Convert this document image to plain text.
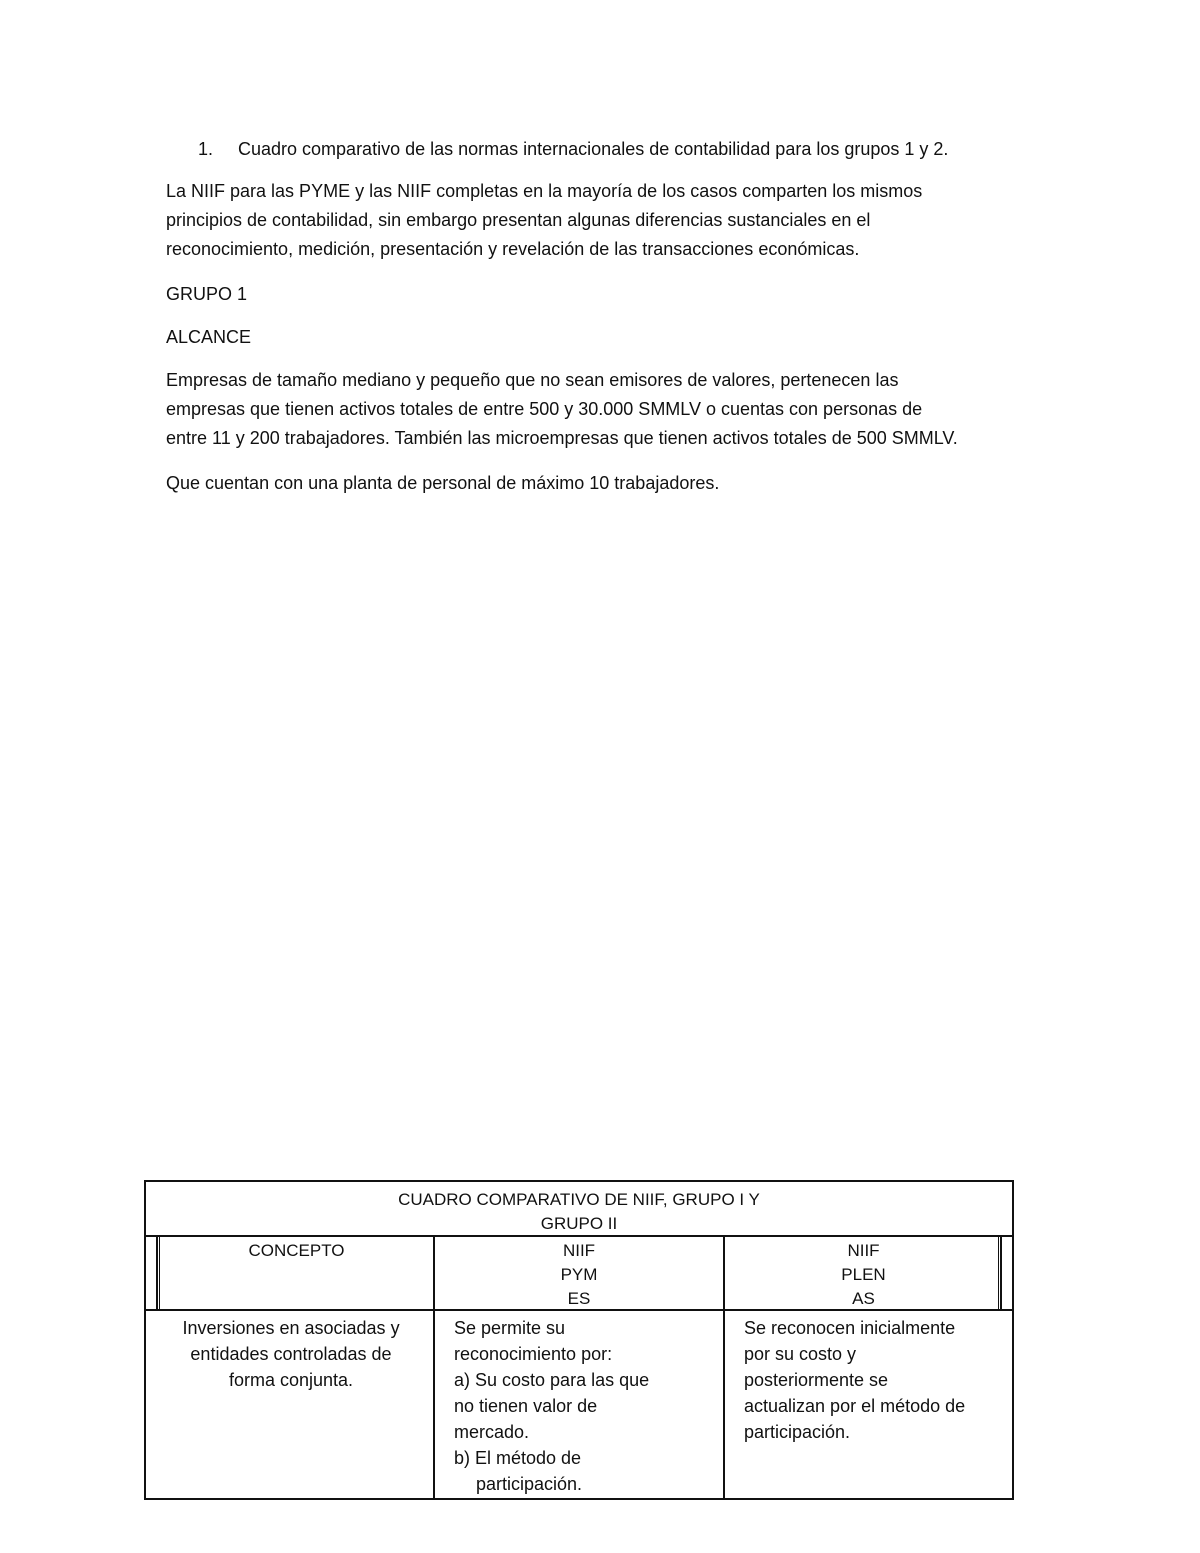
1. Cuadro comparativo de las normas internacionales de contabilidad para los grupos 1 y 2.

La NIIF para las PYME y las NIIF completas en la mayoría de los casos comparten los mismos
principios de contabilidad, sin embargo presentan algunas diferencias sustanciales en el
reconocimiento, medición, presentación y revelación de las transacciones económicas.

GRUPO 1

ALCANCE

Empresas de tamaño mediano y pequeño que no sean emisores de valores, pertenecen las
empresas que tienen activos totales de entre 500 y 30.000 SMMLV o cuentas con personas de
entre 11 y 200 trabajadores. También las microempresas que tienen activos totales de 500 SMMLV.

Que cuentan con una planta de personal de máximo 10 trabajadores.

CUADRO COMPARATIVO DE NIIF, GRUPO I Y
GRUPO II
CONCEPTO	NIIF
PYM
ES
NIIF
PLEN
AS
Inversiones en asociadas y
entidades controladas de
forma conjunta.
Se permite su
reconocimiento por:
a) Su costo para las que
no tienen valor de
mercado.
b) El método de
participación.
Se reconocen inicialmente
por su costo y
posteriormente se
actualizan por el método de
participación.
